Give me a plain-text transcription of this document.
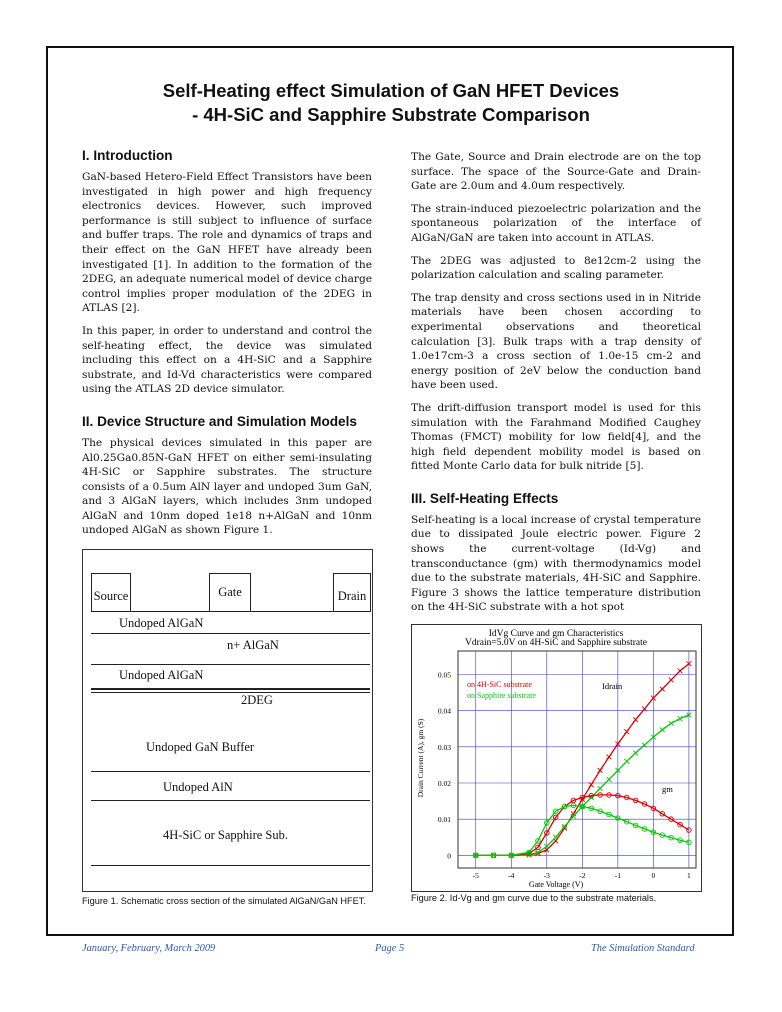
Self-Heating effect Simulation of GaN HFET Devices
- 4H-SiC and Sapphire Substrate Comparison
I. Introduction

GaN-based Hetero-Field Effect Transistors have been investigated in high power and high frequency electronics devices. However, such improved performance is still subject to influence of surface and buffer traps. The role and dynamics of traps and their effect on the GaN HFET have already been investigated [1]. In addition to the formation of the 2DEG, an adequate numerical model of device charge control implies proper modulation of the 2DEG in ATLAS [2].

In this paper, in order to understand and control the self-heating effect, the device was simulated including this effect on a 4H-SiC and a Sapphire substrate, and Id-Vd characteristics were compared using the ATLAS 2D device simulator.

II. Device Structure and Simulation Models

The physical devices simulated in this paper are Al0.25Ga0.85N-GaN HFET on either semi-insulating 4H-SiC or Sapphire substrates. The structure consists of a 0.5um AlN layer and undoped 3um GaN, and 3 AlGaN layers, which includes 3nm undoped AlGaN and 10nm doped 1e18 n+AlGaN and 10nm undoped AlGaN as shown Figure 1.

The Gate, Source and Drain electrode are on the top surface. The space of the Source-Gate and Drain-Gate are 2.0um and 4.0um respectively.

The strain-induced piezoelectric polarization and the spontaneous polarization of the interface of AlGaN/GaN are taken into account in ATLAS.

The 2DEG was adjusted to 8e12cm-2 using the polarization calculation and scaling parameter.

The trap density and cross sections used in in Nitride materials have been chosen according to experimental observations and theoretical calculation [3]. Bulk traps with a trap density of 1.0e17cm-3 a cross section of 1.0e-15 cm-2 and energy position of 2eV below the conduction band have been used.

The drift-diffusion transport model is used for this simulation with the Farahmand Modified Caughey Thomas (FMCT) mobility for low field[4], and the high field dependent mobility model is based on fitted Monte Carlo data for bulk nitride [5].

III. Self-Heating Effects

Self-heating is a local increase of crystal temperature due to dissipated Joule electric power. Figure 2 shows the current-voltage (Id-Vg) and transconductance (gm) with thermodynamics model due to the substrate materials, 4H-SiC and Sapphire. Figure 3 shows the lattice temperature distribution on the 4H-SiC substrate with a hot spot

Source	Gate	Drain
Undoped AlGaN
n+ AlGaN
Undoped AlGaN
2DEG
Undoped GaN Buffer
Undoped AlN
4H-SiC or Sapphire Sub.
Figure 1. Schematic cross section of the simulated AlGaN/GaN HFET.
IdVg Curve and gm Characteristics
Vdrain=5.0V on 4H-SiC and Sapphire substrate
-5	-4	-3	-2	-1	0	1
0
0.01
0.02
0.03
0.04
0.05
on 4H-SiC substrate
on Sapphire substrate
Idrain
gm
Gate Voltage (V)
Drain Current (A), gm (S)
Figure 2. Id-Vg and gm curve due to the substrate materials.
January, February, March 2009	Page 5	The Simulation Standard
